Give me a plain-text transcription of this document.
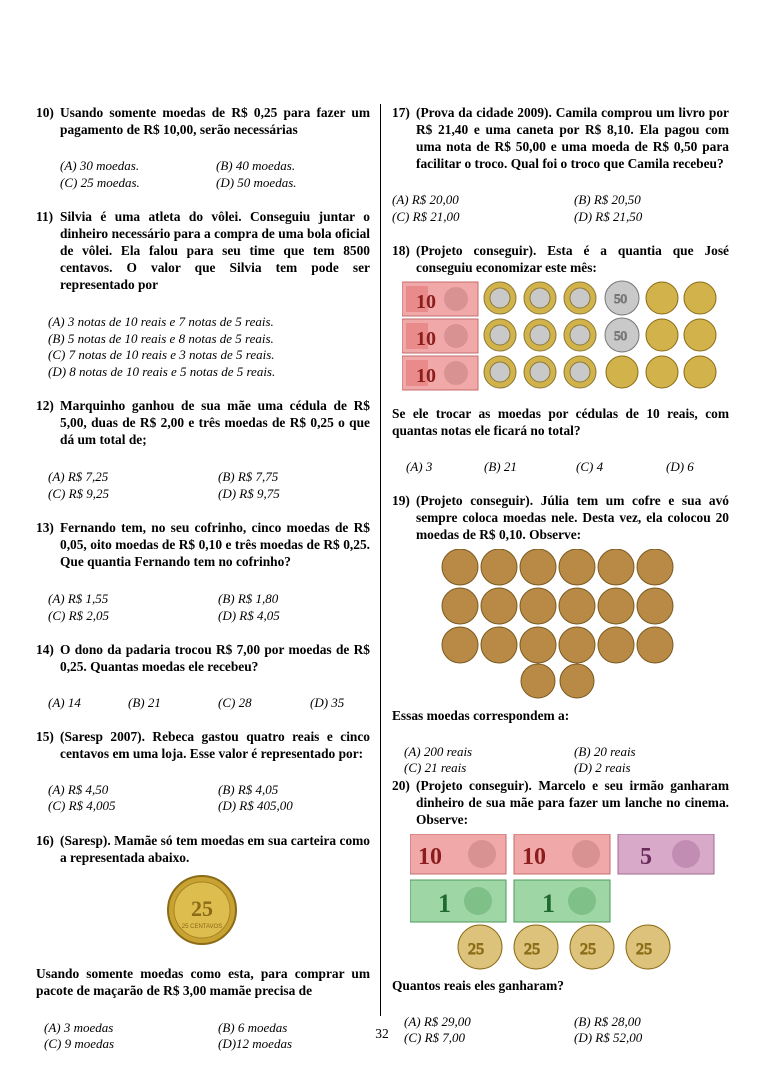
10) Usando somente moedas de R$ 0,25 para fazer um pagamento de R$ 10,00, serão necessárias
(A) 30 moedas.	(B) 40 moedas.
(C) 25 moedas.	(D) 50 moedas.
11) Silvia é uma atleta do vôlei. Conseguiu juntar o dinheiro necessário para a compra de uma bola oficial de vôlei. Ela falou para seu time que tem 8500 centavos. O valor que Silvia tem pode ser representado por
(A) 3 notas de 10 reais e 7 notas de 5 reais.
(B) 5 notas de 10 reais e 8 notas de 5 reais.
(C) 7 notas de 10 reais e 3 notas de 5 reais.
(D) 8 notas de 10 reais e 5 notas de 5 reais.
12) Marquinho ganhou de sua mãe uma cédula de R$ 5,00, duas de R$ 2,00 e três moedas de R$ 0,25 o que dá um total de;
(A) R$ 7,25	(B) R$ 7,75
(C) R$ 9,25	(D) R$ 9,75
13) Fernando tem, no seu cofrinho, cinco moedas de R$ 0,05, oito moedas de R$ 0,10 e três moedas de R$ 0,25. Que quantia Fernando tem no cofrinho?
(A) R$ 1,55	(B) R$ 1,80
(C) R$ 2,05	(D) R$ 4,05
14) O dono da padaria trocou R$ 7,00 por moedas de R$ 0,25. Quantas moedas ele recebeu?
(A) 14	(B) 21	(C) 28	(D) 35
15) (Saresp 2007). Rebeca gastou quatro reais e cinco centavos em uma loja. Esse valor é representado por:
(A) R$ 4,50	(B) R$ 4,05
(C) R$ 4,005	(D) R$ 405,00
16) (Saresp). Mamãe só tem moedas em sua carteira como a representada abaixo.
25
25 CENTAVOS
Usando somente moedas como esta, para comprar um pacote de maçarão de R$ 3,00 mamãe precisa de
(A) 3 moedas	(B) 6 moedas
(C) 9 moedas	(D)12 moedas
17) (Prova da cidade 2009). Camila comprou um livro por R$ 21,40 e uma caneta por R$ 8,10. Ela pagou com uma nota de R$ 50,00 e uma moeda de R$ 0,50 para facilitar o troco. Qual foi o troco que Camila recebeu?
(A) R$ 20,00	(B) R$ 20,50
(C) R$ 21,00	(D) R$ 21,50
18) (Projeto conseguir). Esta é a quantia que José conseguiu economizar este mês:
10
10
10
50
50
Se ele trocar as moedas por cédulas de 10 reais, com quantas notas ele ficará no total?
(A) 3	(B) 21	(C) 4	(D) 6
19) (Projeto conseguir). Júlia tem um cofre e sua avó sempre coloca moedas nele. Desta vez, ela colocou 20 moedas de R$ 0,10. Observe:
Essas moedas correspondem a:
(A) 200 reais	(B) 20 reais
(C) 21 reais	(D) 2 reais
20) (Projeto conseguir). Marcelo e seu irmão ganharam dinheiro de sua mãe para fazer um lanche no cinema. Observe:
10	10	5
1	1
25	25	25	25
Quantos reais eles ganharam?
(A) R$ 29,00	(B) R$ 28,00
(C) R$ 7,00	(D) R$ 52,00
32
